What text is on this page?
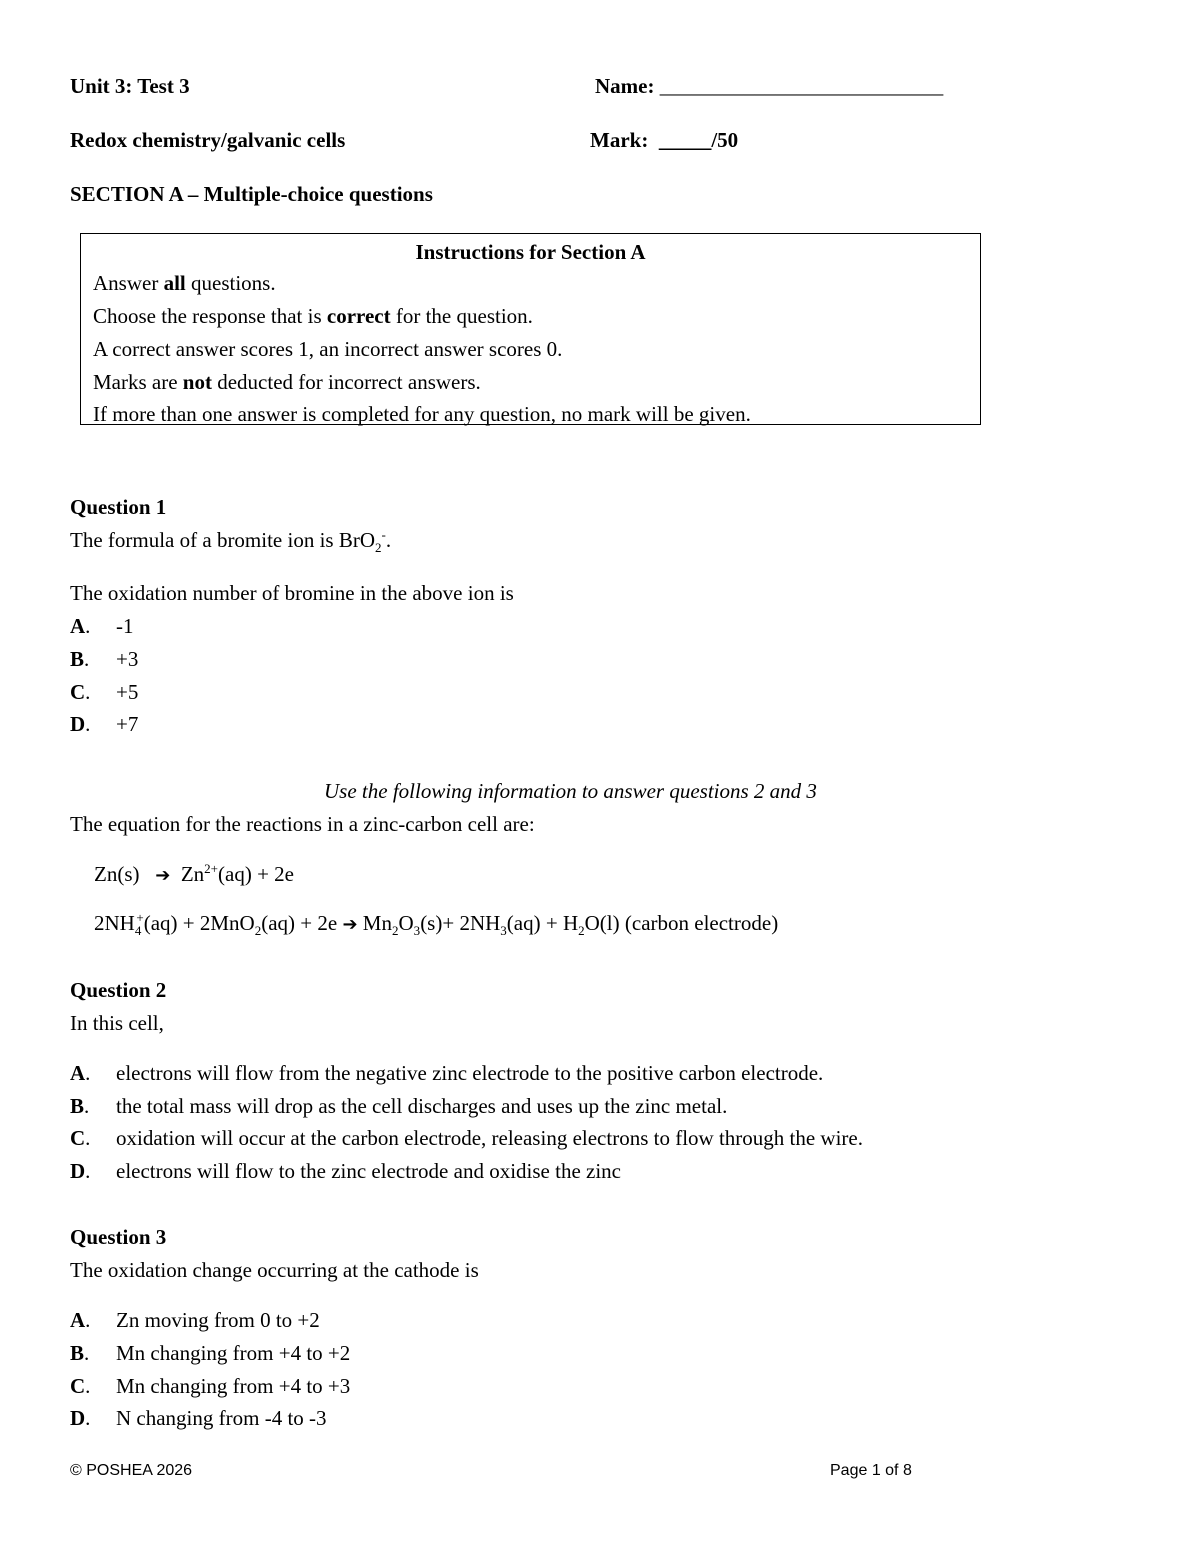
Unit 3: Test 3	Name: ___________________________
Redox chemistry/galvanic cells	Mark: _____/50
SECTION A – Multiple-choice questions
Instructions for Section A
Answer all questions.
Choose the response that is correct for the question.
A correct answer scores 1, an incorrect answer scores 0.
Marks are not deducted for incorrect answers.
If more than one answer is completed for any question, no mark will be given.
Question 1
The formula of a bromite ion is BrO$_2$-.
The oxidation number of bromine in the above ion is
A. -1
B. +3
C. +5
D. +7
Use the following information to answer questions 2 and 3
The equation for the reactions in a zinc-carbon cell are:
Zn(s) ➔ $Zn^{2+}(aq) + 2e$
$2NH_4^+(aq) + 2MnO_2(aq) + 2e$ ➔ $Mn_2O_3(s)+ 2NH_3(aq) + H_2O(l)$ (carbon electrode)
Question 2
In this cell,
A. electrons will flow from the negative zinc electrode to the positive carbon electrode.
B. the total mass will drop as the cell discharges and uses up the zinc metal.
C. oxidation will occur at the carbon electrode, releasing electrons to flow through the wire.
D. electrons will flow to the zinc electrode and oxidise the zinc
Question 3
The oxidation change occurring at the cathode is
A. Zn moving from 0 to +2
B. Mn changing from +4 to +2
C. Mn changing from +4 to +3
D. N changing from -4 to -3
© POSHEA 2026	Page 1 of 8
